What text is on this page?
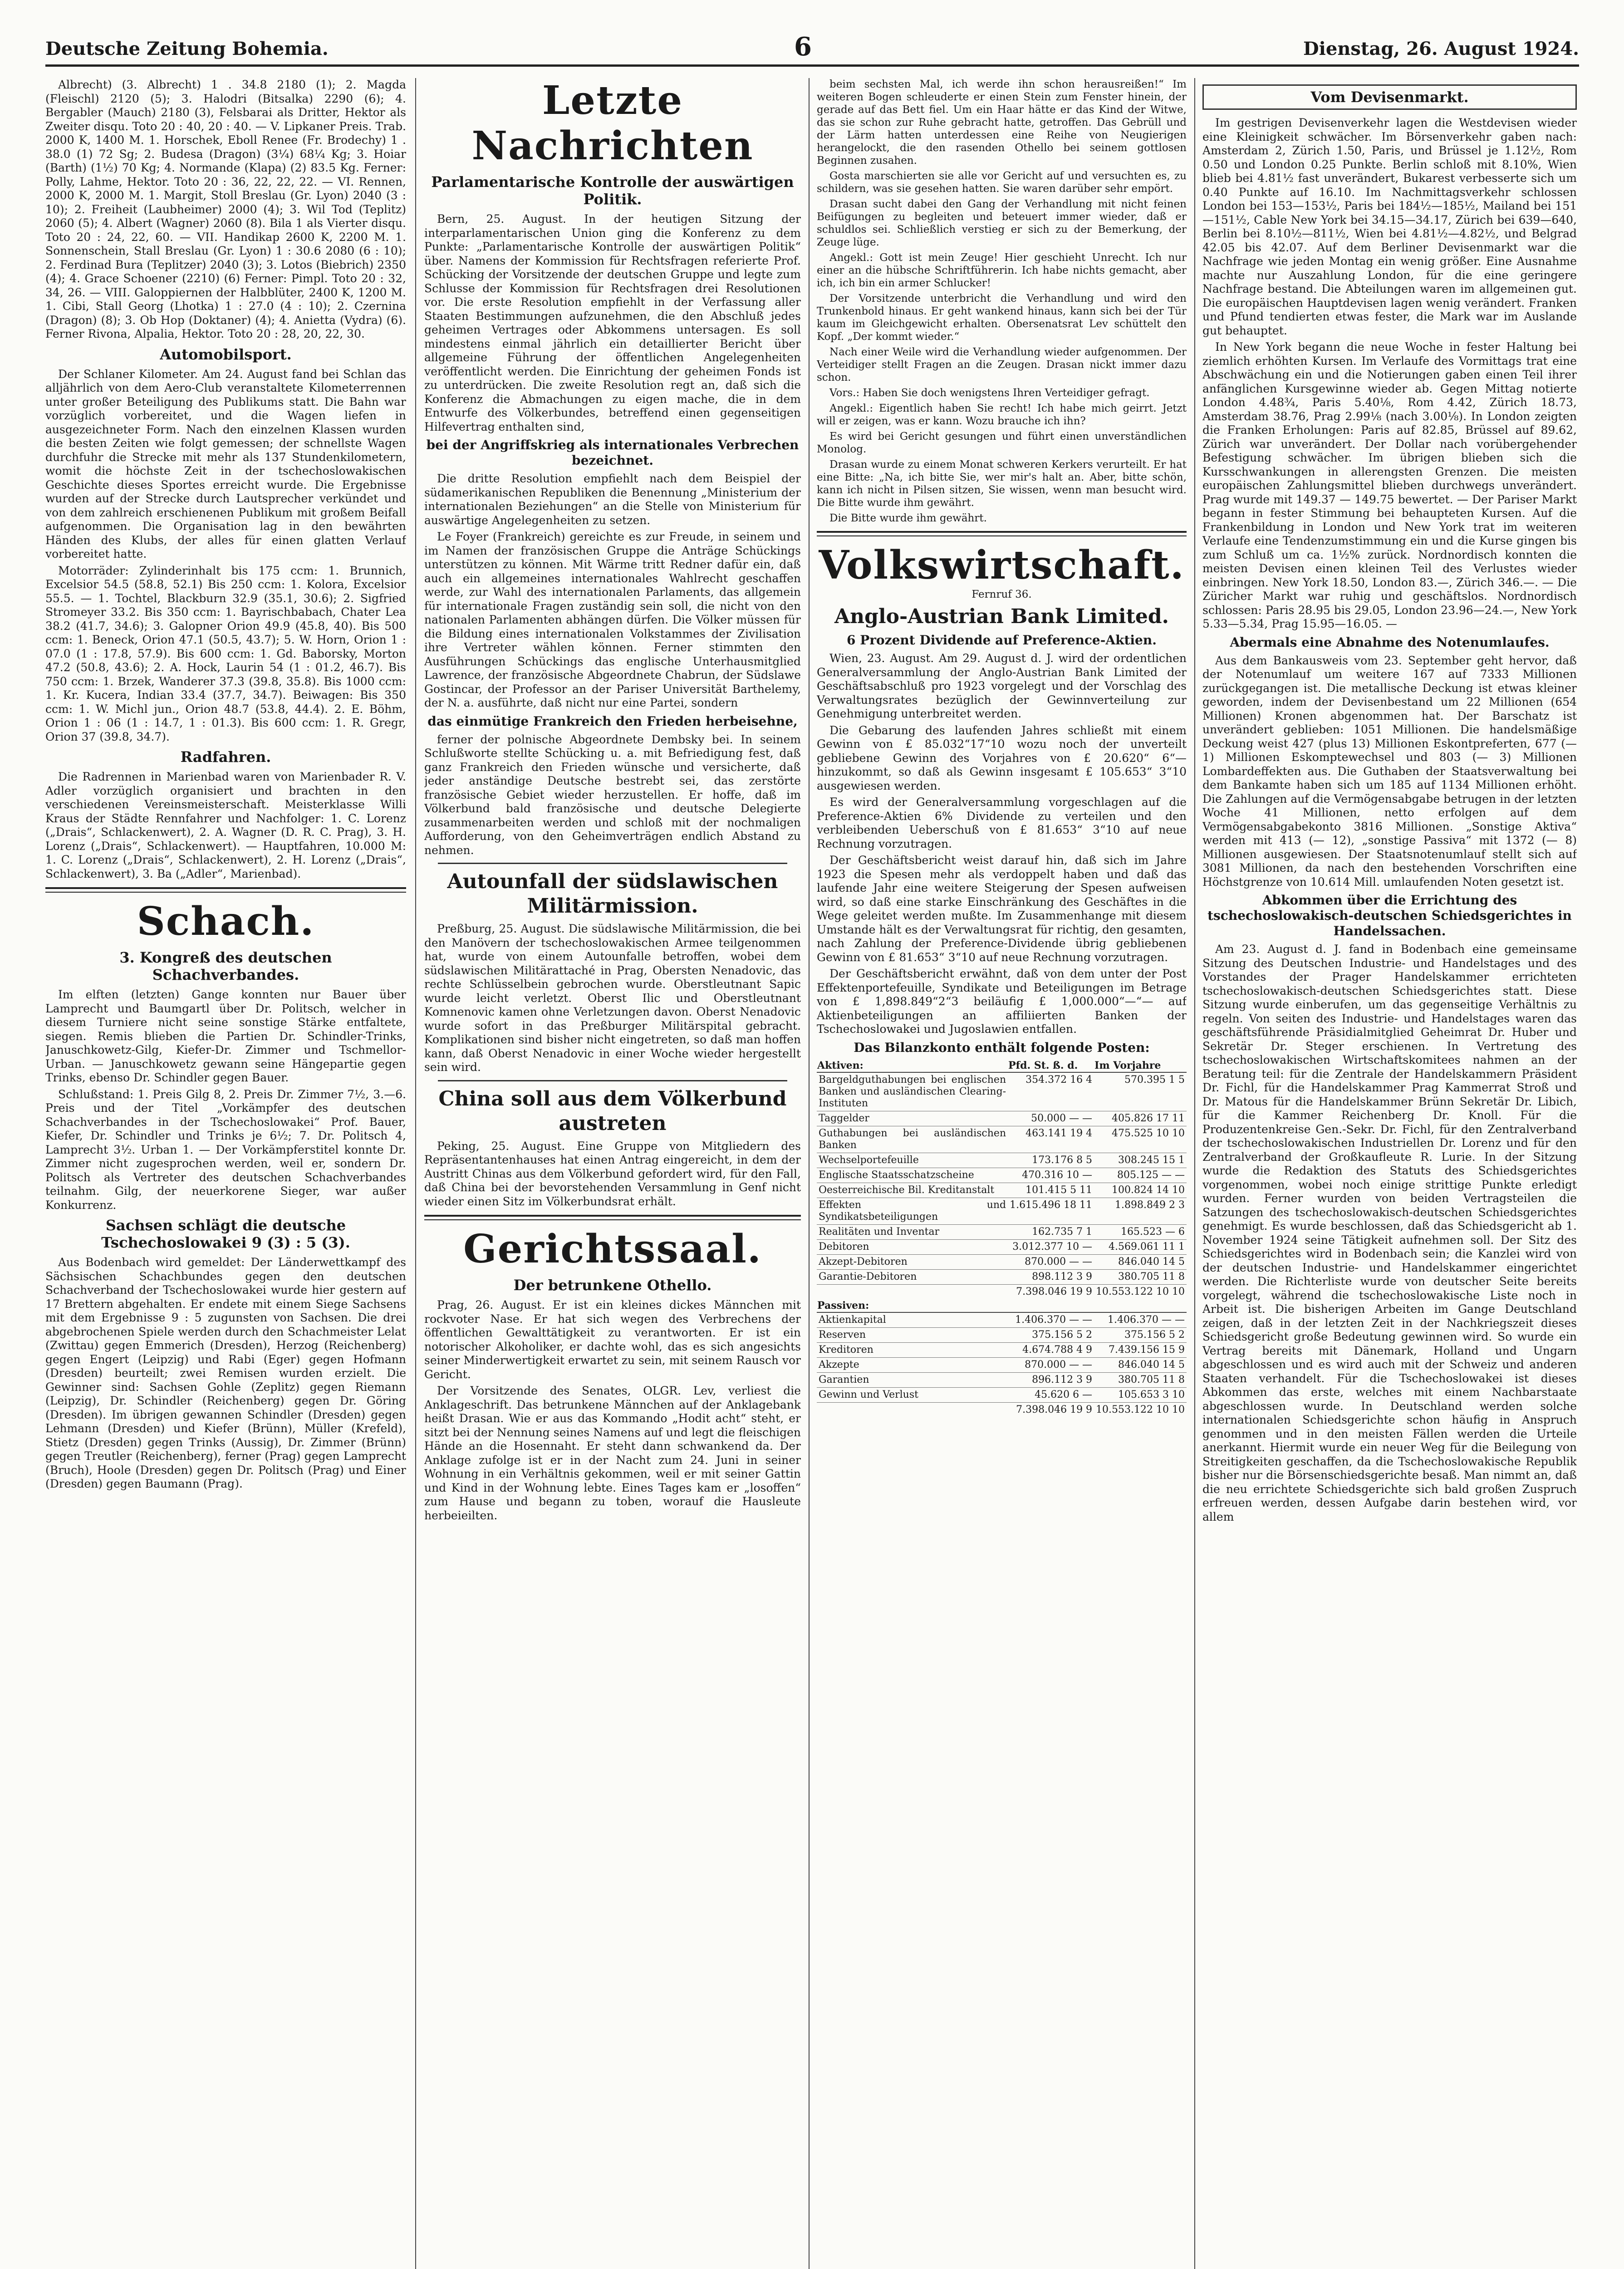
Deutsche Zeitung Bohemia.	6	Dienstag, 26. August 1924.

Albrecht) (3. Albrecht) 1 . 34.8 2180 (1); 2. Magda (Fleischl) 2120 (5); 3. Halodri (Bitsalka) 2290 (6); 4. Bergabler (Mauch) 2180 (3), Felsbarai als Dritter, Hektor als Zweiter disqu. Toto 20 : 40, 20 : 40. — V. Lipkaner Preis. Trab. 2000 K, 1400 M. 1. Horschek, Eboll Renee (Fr. Brodechy) 1 . 38.0 (1) 72 Sg; 2. Budesa (Dragon) (3¼) 68¼ Kg; 3. Hoiar (Barth) (1½) 70 Kg; 4. Normande (Klapa) (2) 83.5 Kg. Ferner: Polly, Lahme, Hektor. Toto 20 : 36, 22, 22, 22. — VI. Rennen, 2000 K, 2000 M. 1. Margit, Stoll Breslau (Gr. Lyon) 2040 (3 : 10); 2. Freiheit (Laubheimer) 2000 (4); 3. Wil Tod (Teplitz) 2060 (5); 4. Albert (Wagner) 2060 (8). Bila 1 als Vierter disqu. Toto 20 : 24, 22, 60. — VII. Handikap 2600 K, 2200 M. 1. Sonnenschein, Stall Breslau (Gr. Lyon) 1 : 30.6 2080 (6 : 10); 2. Ferdinad Bura (Teplitzer) 2040 (3); 3. Lotos (Biebrich) 2350 (4); 4. Grace Schoener (2210) (6) Ferner: Pimpl. Toto 20 : 32, 34, 26. — VIII. Galoppiernen der Halbblüter, 2400 K, 1200 M. 1. Cibi, Stall Georg (Lhotka) 1 : 27.0 (4 : 10); 2. Czernina (Dragon) (8); 3. Ob Hop (Doktaner) (4); 4. Anietta (Vydra) (6). Ferner Rivona, Alpalia, Hektor. Toto 20 : 28, 20, 22, 30.

Automobilsport.

Der Schlaner Kilometer. Am 24. August fand bei Schlan das alljährlich von dem Aero-Club veranstaltete Kilometerrennen unter großer Beteiligung des Publikums statt. Die Bahn war vorzüglich vorbereitet, und die Wagen liefen in ausgezeichneter Form. Nach den einzelnen Klassen wurden die besten Zeiten wie folgt gemessen; der schnellste Wagen durchfuhr die Strecke mit mehr als 137 Stundenkilometern, womit die höchste Zeit in der tschechoslowakischen Geschichte dieses Sportes erreicht wurde. Die Ergebnisse wurden auf der Strecke durch Lautsprecher verkündet und von dem zahlreich erschienenen Publikum mit großem Beifall aufgenommen. Die Organisation lag in den bewährten Händen des Klubs, der alles für einen glatten Verlauf vorbereitet hatte.

Motorräder: Zylinderinhalt bis 175 ccm: 1. Brunnich, Excelsior 54.5 (58.8, 52.1) Bis 250 ccm: 1. Kolora, Excelsior 55.5. — 1. Tochtel, Blackburn 32.9 (35.1, 30.6); 2. Sigfried Stromeyer 33.2. Bis 350 ccm: 1. Bayrischbabach, Chater Lea 38.2 (41.7, 34.6); 3. Galopner Orion 49.9 (45.8, 40). Bis 500 ccm: 1. Beneck, Orion 47.1 (50.5, 43.7); 5. W. Horn, Orion 1 : 07.0 (1 : 17.8, 57.9). Bis 600 ccm: 1. Gd. Baborsky, Morton 47.2 (50.8, 43.6); 2. A. Hock, Laurin 54 (1 : 01.2, 46.7). Bis 750 ccm: 1. Brzek, Wanderer 37.3 (39.8, 35.8). Bis 1000 ccm: 1. Kr. Kucera, Indian 33.4 (37.7, 34.7). Beiwagen: Bis 350 ccm: 1. W. Michl jun., Orion 48.7 (53.8, 44.4). 2. E. Böhm, Orion 1 : 06 (1 : 14.7, 1 : 01.3). Bis 600 ccm: 1. R. Gregr, Orion 37 (39.8, 34.7).

Radfahren.

Die Radrennen in Marienbad waren von Marienbader R. V. Adler vorzüglich organisiert und brachten in den verschiedenen Vereinsmeisterschaft. Meisterklasse Willi Kraus der Städte Rennfahrer und Nachfolger: 1. C. Lorenz („Drais“, Schlackenwert), 2. A. Wagner (D. R. C. Prag), 3. H. Lorenz („Drais“, Schlackenwert). — Hauptfahren, 10.000 M: 1. C. Lorenz („Drais“, Schlackenwert), 2. H. Lorenz („Drais“, Schlackenwert), 3. Ba („Adler“, Marienbad).

Schach.
3. Kongreß des deutschen Schachverbandes.

Im elften (letzten) Gange konnten nur Bauer über Lamprecht und Baumgartl über Dr. Politsch, welcher in diesem Turniere nicht seine sonstige Stärke entfaltete, siegen. Remis blieben die Partien Dr. Schindler-Trinks, Januschkowetz-Gilg, Kiefer-Dr. Zimmer und Tschmellor-Urban. — Januschkowetz gewann seine Hängepartie gegen Trinks, ebenso Dr. Schindler gegen Bauer.

Schlußstand: 1. Preis Gilg 8, 2. Preis Dr. Zimmer 7½, 3.—6. Preis und der Titel „Vorkämpfer des deutschen Schachverbandes in der Tschechoslowakei“ Prof. Bauer, Kiefer, Dr. Schindler und Trinks je 6½; 7. Dr. Politsch 4, Lamprecht 3½. Urban 1. — Der Vorkämpferstitel konnte Dr. Zimmer nicht zugesprochen werden, weil er, sondern Dr. Politsch als Vertreter des deutschen Schachverbandes teilnahm. Gilg, der neuerkorene Sieger, war außer Konkurrenz.

Sachsen schlägt die deutsche Tschechoslowakei 9 (3) : 5 (3).

Aus Bodenbach wird gemeldet: Der Länderwettkampf des Sächsischen Schachbundes gegen den deutschen Schachverband der Tschechoslowakei wurde hier gestern auf 17 Brettern abgehalten. Er endete mit einem Siege Sachsens mit dem Ergebnisse 9 : 5 zugunsten von Sachsen. Die drei abgebrochenen Spiele werden durch den Schachmeister Lelat (Zwittau) gegen Emmerich (Dresden), Herzog (Reichenberg) gegen Engert (Leipzig) und Rabi (Eger) gegen Hofmann (Dresden) beurteilt; zwei Remisen wurden erzielt. Die Gewinner sind: Sachsen Gohle (Zeplitz) gegen Riemann (Leipzig), Dr. Schindler (Reichenberg) gegen Dr. Göring (Dresden). Im übrigen gewannen Schindler (Dresden) gegen Lehmann (Dresden) und Kiefer (Brünn), Müller (Krefeld), Stietz (Dresden) gegen Trinks (Aussig), Dr. Zimmer (Brünn) gegen Treutler (Reichenberg), ferner (Prag) gegen Lamprecht (Bruch), Hoole (Dresden) gegen Dr. Politsch (Prag) und Einer (Dresden) gegen Baumann (Prag).

Letzte Nachrichten
Parlamentarische Kontrolle der auswärtigen Politik.

Bern, 25. August. In der heutigen Sitzung der interparlamentarischen Union ging die Konferenz zu dem Punkte: „Parlamentarische Kontrolle der auswärtigen Politik“ über. Namens der Kommission für Rechtsfragen referierte Prof. Schücking der Vorsitzende der deutschen Gruppe und legte zum Schlusse der Kommission für Rechtsfragen drei Resolutionen vor. Die erste Resolution empfiehlt in der Verfassung aller Staaten Bestimmungen aufzunehmen, die den Abschluß jedes geheimen Vertrages oder Abkommens untersagen. Es soll mindestens einmal jährlich ein detaillierter Bericht über allgemeine Führung der öffentlichen Angelegenheiten veröffentlicht werden. Die Einrichtung der geheimen Fonds ist zu unterdrücken. Die zweite Resolution regt an, daß sich die Konferenz die Abmachungen zu eigen mache, die in dem Entwurfe des Völkerbundes, betreffend einen gegenseitigen Hilfevertrag enthalten sind,

bei der Angriffskrieg als internationales Verbrechen bezeichnet.

Die dritte Resolution empfiehlt nach dem Beispiel der südamerikanischen Republiken die Benennung „Ministerium der internationalen Beziehungen“ an die Stelle von Ministerium für auswärtige Angelegenheiten zu setzen.

Le Foyer (Frankreich) gereichte es zur Freude, in seinem und im Namen der französischen Gruppe die Anträge Schückings unterstützen zu können. Mit Wärme tritt Redner dafür ein, daß auch ein allgemeines internationales Wahlrecht geschaffen werde, zur Wahl des internationalen Parlaments, das allgemein für internationale Fragen zuständig sein soll, die nicht von den nationalen Parlamenten abhängen dürfen. Die Völker müssen für die Bildung eines internationalen Volkstammes der Zivilisation ihre Vertreter wählen können. Ferner stimmten den Ausführungen Schückings das englische Unterhausmitglied Lawrence, der französische Abgeordnete Chabrun, der Südslawe Gostincar, der Professor an der Pariser Universität Barthelemy, der N. a. ausführte, daß nicht nur eine Partei, sondern

das einmütige Frankreich den Frieden herbeisehne,

ferner der polnische Abgeordnete Dembsky bei. In seinem Schlußworte stellte Schücking u. a. mit Befriedigung fest, daß ganz Frankreich den Frieden wünsche und versicherte, daß jeder anständige Deutsche bestrebt sei, das zerstörte französische Gebiet wieder herzustellen. Er hoffe, daß im Völkerbund bald französische und deutsche Delegierte zusammenarbeiten werden und schloß mit der nochmaligen Aufforderung, von den Geheimverträgen endlich Abstand zu nehmen.

Autounfall der südslawischen Militärmission.

Preßburg, 25. August. Die südslawische Militärmission, die bei den Manövern der tschechoslowakischen Armee teilgenommen hat, wurde von einem Autounfalle betroffen, wobei dem südslawischen Militärattaché in Prag, Obersten Nenadovic, das rechte Schlüsselbein gebrochen wurde. Oberstleutnant Sapic wurde leicht verletzt. Oberst Ilic und Oberstleutnant Komnenovic kamen ohne Verletzungen davon. Oberst Nenadovic wurde sofort in das Preßburger Militärspital gebracht. Komplikationen sind bisher nicht eingetreten, so daß man hoffen kann, daß Oberst Nenadovic in einer Woche wieder hergestellt sein wird.

China soll aus dem Völkerbund austreten

Peking, 25. August. Eine Gruppe von Mitgliedern des Repräsentantenhauses hat einen Antrag eingereicht, in dem der Austritt Chinas aus dem Völkerbund gefordert wird, für den Fall, daß China bei der bevorstehenden Versammlung in Genf nicht wieder einen Sitz im Völkerbundsrat erhält.

Gerichtssaal.
Der betrunkene Othello.

Prag, 26. August. Er ist ein kleines dickes Männchen mit rockvoter Nase. Er hat sich wegen des Verbrechens der öffentlichen Gewalttätigkeit zu verantworten. Er ist ein notorischer Alkoholiker, er dachte wohl, das es sich angesichts seiner Minderwertigkeit erwartet zu sein, mit seinem Rausch vor Gericht.

Der Vorsitzende des Senates, OLGR. Lev, verliest die Anklageschrift. Das betrunkene Männchen auf der Anklagebank heißt Drasan. Wie er aus das Kommando „Hodit acht“ steht, er sitzt bei der Nennung seines Namens auf und legt die fleischigen Hände an die Hosennaht. Er steht dann schwankend da. Der Anklage zufolge ist er in der Nacht zum 24. Juni in seiner Wohnung in ein Verhältnis gekommen, weil er mit seiner Gattin und Kind in der Wohnung lebte. Eines Tages kam er „losoffen“ zum Hause und begann zu toben, worauf die Hausleute herbeieilten.

beim sechsten Mal, ich werde ihn schon herausreißen!“ Im weiteren Bogen schleuderte er einen Stein zum Fenster hinein, der gerade auf das Bett fiel. Um ein Haar hätte er das Kind der Witwe, das sie schon zur Ruhe gebracht hatte, getroffen. Das Gebrüll und der Lärm hatten unterdessen eine Reihe von Neugierigen herangelockt, die den rasenden Othello bei seinem gottlosen Beginnen zusahen.

Gosta marschierten sie alle vor Gericht auf und versuchten es, zu schildern, was sie gesehen hatten. Sie waren darüber sehr empört.

Drasan sucht dabei den Gang der Verhandlung mit nicht feinen Beifügungen zu begleiten und beteuert immer wieder, daß er schuldlos sei. Schließlich verstieg er sich zu der Bemerkung, der Zeuge lüge.

Angekl.: Gott ist mein Zeuge! Hier geschieht Unrecht. Ich nur einer an die hübsche Schriftführerin. Ich habe nichts gemacht, aber ich, ich bin ein armer Schlucker!

Der Vorsitzende unterbricht die Verhandlung und wird den Trunkenbold hinaus. Er geht wankend hinaus, kann sich bei der Tür kaum im Gleichgewicht erhalten. Obersenatsrat Lev schüttelt den Kopf. „Der kommt wieder.“

Nach einer Weile wird die Verhandlung wieder aufgenommen. Der Verteidiger stellt Fragen an die Zeugen. Drasan nickt immer dazu schon.

Vors.: Haben Sie doch wenigstens Ihren Verteidiger gefragt.

Angekl.: Eigentlich haben Sie recht! Ich habe mich geirrt. Jetzt will er zeigen, was er kann. Wozu brauche ich ihn?

Es wird bei Gericht gesungen und führt einen unverständlichen Monolog.

Drasan wurde zu einem Monat schweren Kerkers verurteilt. Er hat eine Bitte: „Na, ich bitte Sie, wer mir's halt an. Aber, bitte schön, kann ich nicht in Pilsen sitzen, Sie wissen, wenn man besucht wird. Die Bitte wurde ihm gewährt.

Die Bitte wurde ihm gewährt.

Volkswirtschaft.
Fernruf 36.
Anglo-Austrian Bank Limited.
6 Prozent Dividende auf Preference-Aktien.

Wien, 23. August. Am 29. August d. J. wird der ordentlichen Generalversammlung der Anglo-Austrian Bank Limited der Geschäftsabschluß pro 1923 vorgelegt und der Vorschlag des Verwaltungsrates bezüglich der Gewinnverteilung zur Genehmigung unterbreitet werden.

Die Gebarung des laufenden Jahres schließt mit einem Gewinn von £ 85.032“17“10 wozu noch der unverteilt gebliebene Gewinn des Vorjahres von £ 20.620“ 6“— hinzukommt, so daß als Gewinn insgesamt £ 105.653“ 3“10 ausgewiesen werden.

Es wird der Generalversammlung vorgeschlagen auf die Preference-Aktien 6% Dividende zu verteilen und den verbleibenden Ueberschuß von £ 81.653“ 3“10 auf neue Rechnung vorzutragen.

Der Geschäftsbericht weist darauf hin, daß sich im Jahre 1923 die Spesen mehr als verdoppelt haben und daß das laufende Jahr eine weitere Steigerung der Spesen aufweisen wird, so daß eine starke Einschränkung des Geschäftes in die Wege geleitet werden mußte. Im Zusammenhange mit diesem Umstande hält es der Verwaltungsrat für richtig, den gesamten, nach Zahlung der Preference-Dividende übrig gebliebenen Gewinn von £ 81.653“ 3“10 auf neue Rechnung vorzutragen.

Der Geschäftsbericht erwähnt, daß von dem unter der Post Effektenportefeuille, Syndikate und Beteiligungen im Betrage von £ 1,898.849“2“3 beiläufig £ 1,000.000“—“— auf Aktienbeteiligungen an affiliierten Banken der Tschechoslowakei und Jugoslawien entfallen.

Das Bilanzkonto enthält folgende Posten:
Aktiven:	Pfd. St. ß. d.	Im Vorjahre
Bargeldguthabungen bei englischen Banken und ausländischen Clearing-Instituten	354.372 16 4	570.395 1 5
Taggelder	50.000 — —	405.826 17 11
Guthabungen bei ausländischen Banken	463.141 19 4	475.525 10 10
Wechselportefeuille	173.176 8 5	308.245 15 1
Englische Staatsschatzscheine	470.316 10 —	805.125 — —
Oesterreichische Bil. Kreditanstalt	101.415 5 11	100.824 14 10
Effekten und Syndikatsbeteiligungen	1.615.496 18 11	1.898.849 2 3
Realitäten und Inventar	162.735 7 1	165.523 — 6
Debitoren	3.012.377 10 —	4.569.061 11 1
Akzept-Debitoren	870.000 — —	846.040 14 5
Garantie-Debitoren	898.112 3 9	380.705 11 8
	7.398.046 19 9	10.553.122 10 10
Passiven:		
Aktienkapital	1.406.370 — —	1.406.370 — —
Reserven	375.156 5 2	375.156 5 2
Kreditoren	4.674.788 4 9	7.439.156 15 9
Akzepte	870.000 — —	846.040 14 5
Garantien	896.112 3 9	380.705 11 8
Gewinn und Verlust	45.620 6 —	105.653 3 10
	7.398.046 19 9	10.553.122 10 10
Vom Devisenmarkt.

Im gestrigen Devisenverkehr lagen die Westdevisen wieder eine Kleinigkeit schwächer. Im Börsenverkehr gaben nach: Amsterdam 2, Zürich 1.50, Paris, und Brüssel je 1.12½, Rom 0.50 und London 0.25 Punkte. Berlin schloß mit 8.10%, Wien blieb bei 4.81½ fast unverändert, Bukarest verbesserte sich um 0.40 Punkte auf 16.10. Im Nachmittagsverkehr schlossen London bei 153—153½, Paris bei 184½—185½, Mailand bei 151—151½, Cable New York bei 34.15—34.17, Zürich bei 639—640, Berlin bei 8.10½—811½, Wien bei 4.81½—4.82½, und Belgrad 42.05 bis 42.07. Auf dem Berliner Devisenmarkt war die Nachfrage wie jeden Montag ein wenig größer. Eine Ausnahme machte nur Auszahlung London, für die eine geringere Nachfrage bestand. Die Abteilungen waren im allgemeinen gut. Die europäischen Hauptdevisen lagen wenig verändert. Franken und Pfund tendierten etwas fester, die Mark war im Auslande gut behauptet.

In New York begann die neue Woche in fester Haltung bei ziemlich erhöhten Kursen. Im Verlaufe des Vormittags trat eine Abschwächung ein und die Notierungen gaben einen Teil ihrer anfänglichen Kursgewinne wieder ab. Gegen Mittag notierte London 4.48¾, Paris 5.40⅛, Rom 4.42, Zürich 18.73, Amsterdam 38.76, Prag 2.99⅛ (nach 3.00⅛). In London zeigten die Franken Erholungen: Paris auf 82.85, Brüssel auf 89.62, Zürich war unverändert. Der Dollar nach vorübergehender Befestigung schwächer. Im übrigen blieben sich die Kursschwankungen in allerengsten Grenzen. Die meisten europäischen Zahlungsmittel blieben durchwegs unverändert. Prag wurde mit 149.37 — 149.75 bewertet. — Der Pariser Markt begann in fester Stimmung bei behaupteten Kursen. Auf die Frankenbildung in London und New York trat im weiteren Verlaufe eine Tendenzumstimmung ein und die Kurse gingen bis zum Schluß um ca. 1½% zurück. Nordnordisch konnten die meisten Devisen einen kleinen Teil des Verlustes wieder einbringen. New York 18.50, London 83.—, Zürich 346.—. — Die Züricher Markt war ruhig und geschäftslos. Nordnordisch schlossen: Paris 28.95 bis 29.05, London 23.96—24.—, New York 5.33—5.34, Prag 15.95—16.05. —

Abermals eine Abnahme des Notenumlaufes.

Aus dem Bankausweis vom 23. September geht hervor, daß der Notenumlauf um weitere 167 auf 7333 Millionen zurückgegangen ist. Die metallische Deckung ist etwas kleiner geworden, indem der Devisenbestand um 22 Millionen (654 Millionen) Kronen abgenommen hat. Der Barschatz ist unverändert geblieben: 1051 Millionen. Die handelsmäßige Deckung weist 427 (plus 13) Millionen Eskontpreferten, 677 (— 1) Millionen Eskomptewechsel und 803 (— 3) Millionen Lombardeffekten aus. Die Guthaben der Staatsverwaltung bei dem Bankamte haben sich um 185 auf 1134 Millionen erhöht. Die Zahlungen auf die Vermögensabgabe betrugen in der letzten Woche 41 Millionen, netto erfolgen auf dem Vermögensabgabekonto 3816 Millionen. „Sonstige Aktiva“ werden mit 413 (— 12), „sonstige Passiva“ mit 1372 (— 8) Millionen ausgewiesen. Der Staatsnotenumlauf stellt sich auf 3081 Millionen, da nach den bestehenden Vorschriften eine Höchstgrenze von 10.614 Mill. umlaufenden Noten gesetzt ist.

Abkommen über die Errichtung des tschechoslowakisch-deutschen Schiedsgerichtes in Handelssachen.

Am 23. August d. J. fand in Bodenbach eine gemeinsame Sitzung des Deutschen Industrie- und Handelstages und des Vorstandes der Prager Handelskammer errichteten tschechoslowakisch-deutschen Schiedsgerichtes statt. Diese Sitzung wurde einberufen, um das gegenseitige Verhältnis zu regeln. Von seiten des Industrie- und Handelstages waren das geschäftsführende Präsidialmitglied Geheimrat Dr. Huber und Sekretär Dr. Steger erschienen. In Vertretung des tschechoslowakischen Wirtschaftskomitees nahmen an der Beratung teil: für die Zentrale der Handelskammern Präsident Dr. Fichl, für die Handelskammer Prag Kammerrat Stroß und Dr. Matous für die Handelskammer Brünn Sekretär Dr. Libich, für die Kammer Reichenberg Dr. Knoll. Für die Produzentenkreise Gen.-Sekr. Dr. Fichl, für den Zentralverband der tschechoslowakischen Industriellen Dr. Lorenz und für den Zentralverband der Großkaufleute R. Lurie. In der Sitzung wurde die Redaktion des Statuts des Schiedsgerichtes vorgenommen, wobei noch einige strittige Punkte erledigt wurden. Ferner wurden von beiden Vertragsteilen die Satzungen des tschechoslowakisch-deutschen Schiedsgerichtes genehmigt. Es wurde beschlossen, daß das Schiedsgericht ab 1. November 1924 seine Tätigkeit aufnehmen soll. Der Sitz des Schiedsgerichtes wird in Bodenbach sein; die Kanzlei wird von der deutschen Industrie- und Handelskammer eingerichtet werden. Die Richterliste wurde von deutscher Seite bereits vorgelegt, während die tschechoslowakische Liste noch in Arbeit ist. Die bisherigen Arbeiten im Gange Deutschland zeigen, daß in der letzten Zeit in der Nachkriegszeit dieses Schiedsgericht große Bedeutung gewinnen wird. So wurde ein Vertrag bereits mit Dänemark, Holland und Ungarn abgeschlossen und es wird auch mit der Schweiz und anderen Staaten verhandelt. Für die Tschechoslowakei ist dieses Abkommen das erste, welches mit einem Nachbarstaate abgeschlossen wurde. In Deutschland werden solche internationalen Schiedsgerichte schon häufig in Anspruch genommen und in den meisten Fällen werden die Urteile anerkannt. Hiermit wurde ein neuer Weg für die Beilegung von Streitigkeiten geschaffen, da die Tschechoslowakische Republik bisher nur die Börsenschiedsgerichte besaß. Man nimmt an, daß die neu errichtete Schiedsgerichte sich bald großen Zuspruch erfreuen werden, dessen Aufgabe darin bestehen wird, vor allem
